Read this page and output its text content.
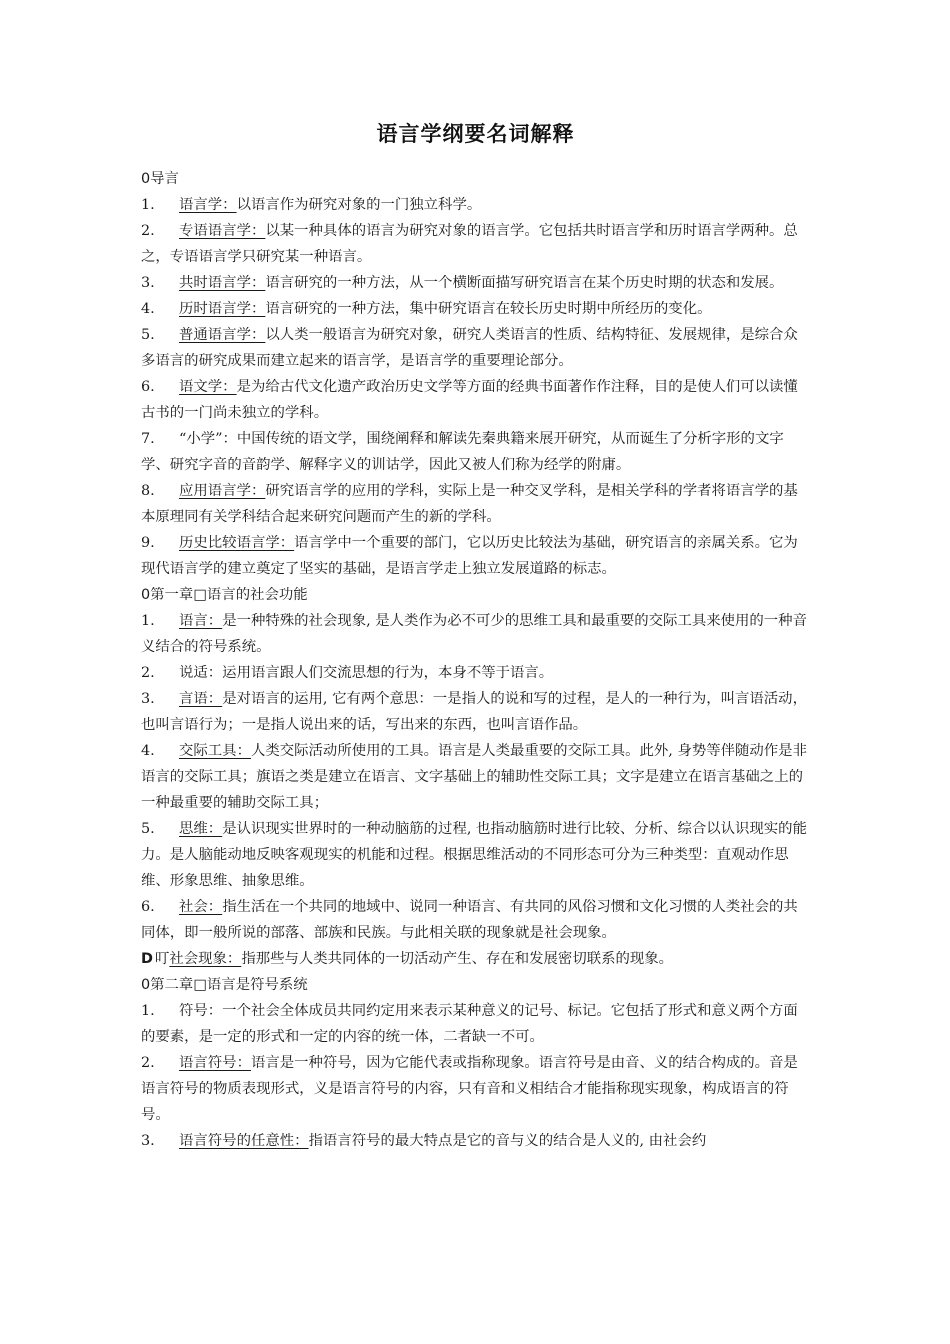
语言学纲要名词解释

0导言

1. 语言学：以语言作为研究对象的一门独立科学。

2. 专语语言学：以某一种具体的语言为研究对象的语言学。它包括共时语言学和历时语言学两种。总之，专语语言学只研究某一种语言。

3. 共时语言学：语言研究的一种方法，从一个横断面描写研究语言在某个历史时期的状态和发展。

4. 历时语言学：语言研究的一种方法，集中研究语言在较长历史时期中所经历的变化。

5. 普通语言学：以人类一般语言为研究对象，研究人类语言的性质、结构特征、发展规律，是综合众多语言的研究成果而建立起来的语言学，是语言学的重要理论部分。

6. 语文学：是为给古代文化遗产政治历史文学等方面的经典书面著作作注释，目的是使人们可以读懂古书的一门尚未独立的学科。

7. “小学”：中国传统的语文学，围绕阐释和解读先秦典籍来展开研究，从而诞生了分析字形的文字学、研究字音的音韵学、解释字义的训诂学，因此又被人们称为经学的附庸。

8. 应用语言学：研究语言学的应用的学科，实际上是一种交叉学科，是相关学科的学者将语言学的基本原理同有关学科结合起来研究问题而产生的新的学科。

9. 历史比较语言学：语言学中一个重要的部门，它以历史比较法为基础，研究语言的亲属关系。它为现代语言学的建立奠定了坚实的基础，是语言学走上独立发展道路的标志。

0第一章□语言的社会功能

1. 语言：是一种特殊的社会现象, 是人类作为必不可少的思维工具和最重要的交际工具来使用的一种音义结合的符号系统。

2. 说适：运用语言跟人们交流思想的行为，本身不等于语言。

3. 言语：是对语言的运用, 它有两个意思：一是指人的说和写的过程，是人的一种行为，叫言语活动，也叫言语行为；一是指人说出来的话，写出来的东西，也叫言语作品。

4. 交际工具：人类交际活动所使用的工具。语言是人类最重要的交际工具。此外, 身势等伴随动作是非语言的交际工具；旗语之类是建立在语言、文字基础上的辅助性交际工具；文字是建立在语言基础之上的一种最重要的辅助交际工具；

5. 思维：是认识现实世界时的一种动脑筋的过程, 也指动脑筋时进行比较、分析、综合以认识现实的能力。是人脑能动地反映客观现实的机能和过程。根据思维活动的不同形态可分为三种类型：直观动作思维、形象思维、抽象思维。

6. 社会：指生活在一个共同的地域中、说同一种语言、有共同的风俗习惯和文化习惯的人类社会的共同体，即一般所说的部落、部族和民族。与此相关联的现象就是社会现象。

D 叮社会现象：指那些与人类共同体的一切活动产生、存在和发展密切联系的现象。

0第二章□语言是符号系统

1. 符号：一个社会全体成员共同约定用来表示某种意义的记号、标记。它包括了形式和意义两个方面的要素，是一定的形式和一定的内容的统一体，二者缺一不可。

2. 语言符号：语言是一种符号，因为它能代表或指称现象。语言符号是由音、义的结合构成的。音是语言符号的物质表现形式，义是语言符号的内容，只有音和义相结合才能指称现实现象，构成语言的符号。

3. 语言符号的任意性：指语言符号的最大特点是它的音与义的结合是人义的, 由社会约
